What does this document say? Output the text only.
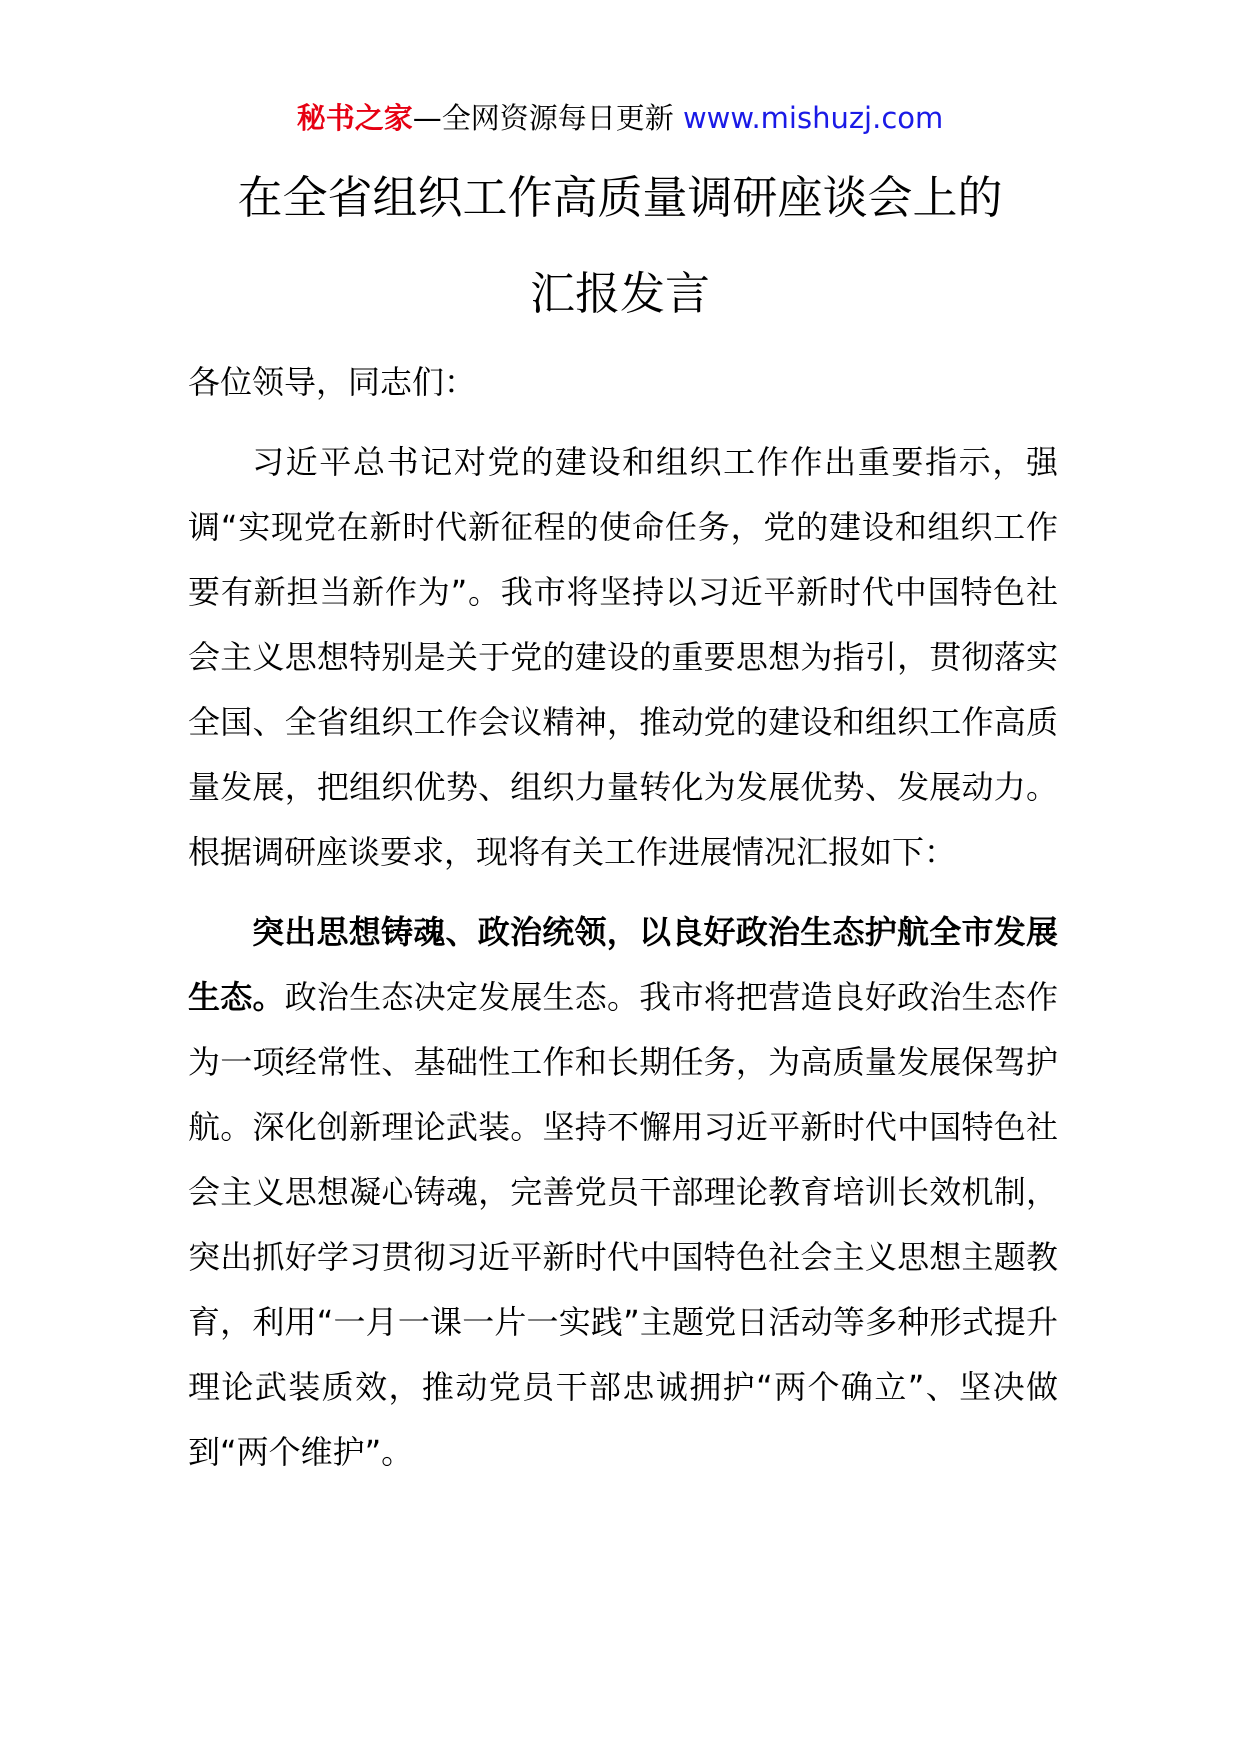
秘书之家—全网资源每日更新 www.mishuzj.com
在全省组织工作高质量调研座谈会上的
汇报发言

各位领导，同志们：

习近平总书记对党的建设和组织工作作出重要指示，强调“实现党在新时代新征程的使命任务，党的建设和组织工作要有新担当新作为”。我市将坚持以习近平新时代中国特色社会主义思想特别是关于党的建设的重要思想为指引，贯彻落实全国、全省组织工作会议精神，推动党的建设和组织工作高质量发展，把组织优势、组织力量转化为发展优势、发展动力。根据调研座谈要求，现将有关工作进展情况汇报如下：

突出思想铸魂、政治统领，以良好政治生态护航全市发展生态。政治生态决定发展生态。我市将把营造良好政治生态作为一项经常性、基础性工作和长期任务，为高质量发展保驾护航。深化创新理论武装。坚持不懈用习近平新时代中国特色社会主义思想凝心铸魂，完善党员干部理论教育培训长效机制，突出抓好学习贯彻习近平新时代中国特色社会主义思想主题教育，利用“一月一课一片一实践”主题党日活动等多种形式提升理论武装质效，推动党员干部忠诚拥护“两个确立”、坚决做到“两个维护”。
